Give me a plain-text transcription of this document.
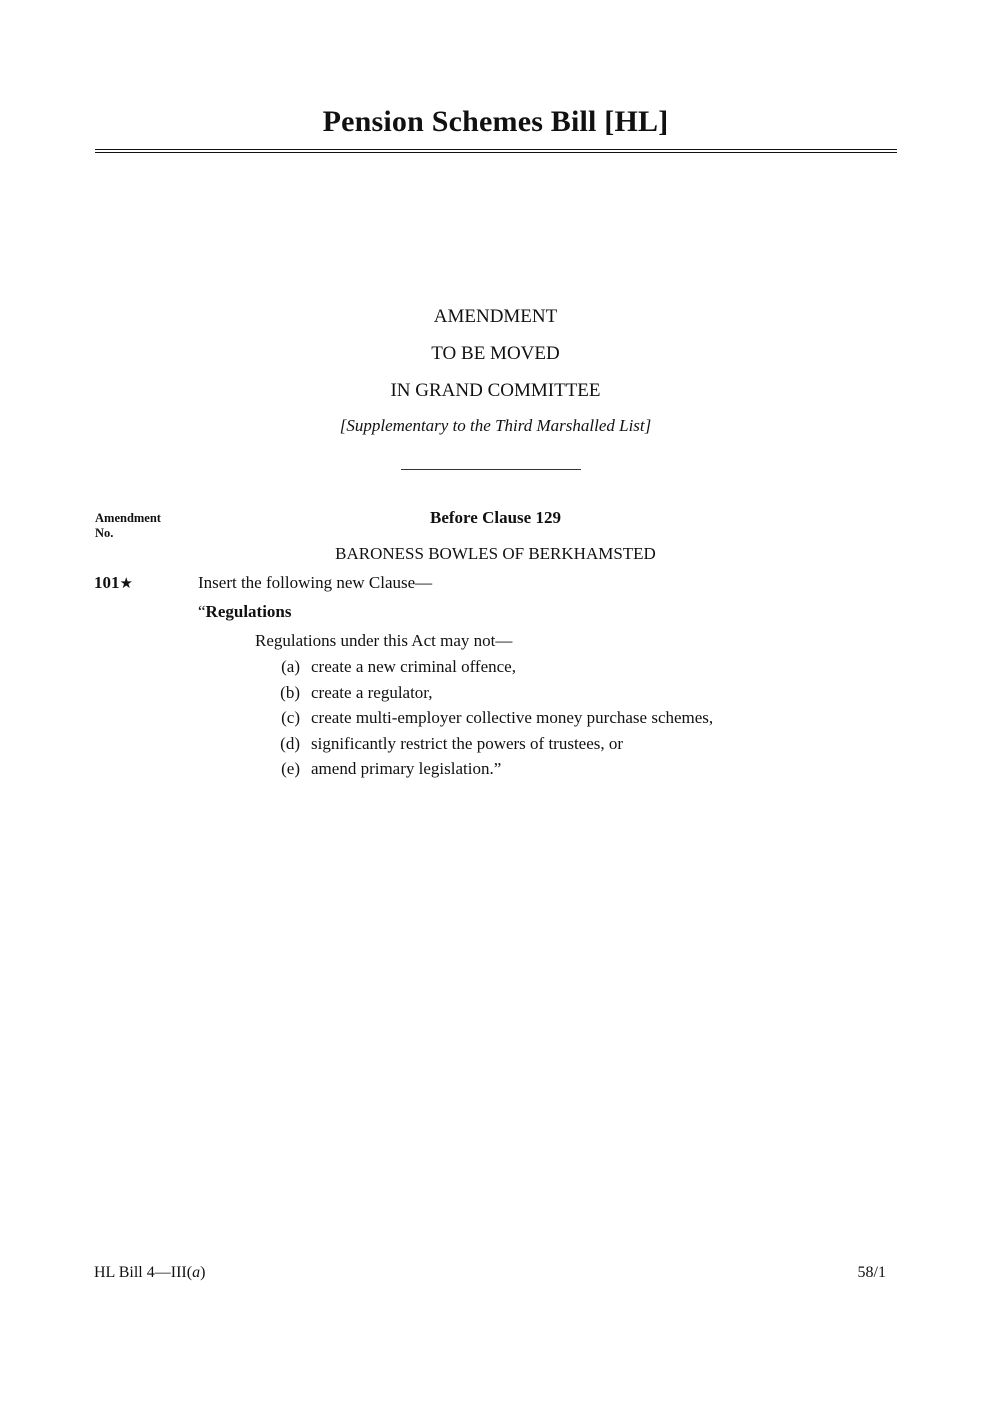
Pension Schemes Bill [HL]
AMENDMENT
TO BE MOVED
IN GRAND COMMITTEE
[Supplementary to the Third Marshalled List]
Amendment
No.
Before Clause 129
BARONESS BOWLES OF BERKHAMSTED
101★	Insert the following new Clause—
“Regulations
Regulations under this Act may not—
(a) create a new criminal offence,
(b) create a regulator,
(c) create multi-employer collective money purchase schemes,
(d) significantly restrict the powers of trustees, or
(e) amend primary legislation.”
HL Bill 4—III(a)	58/1
